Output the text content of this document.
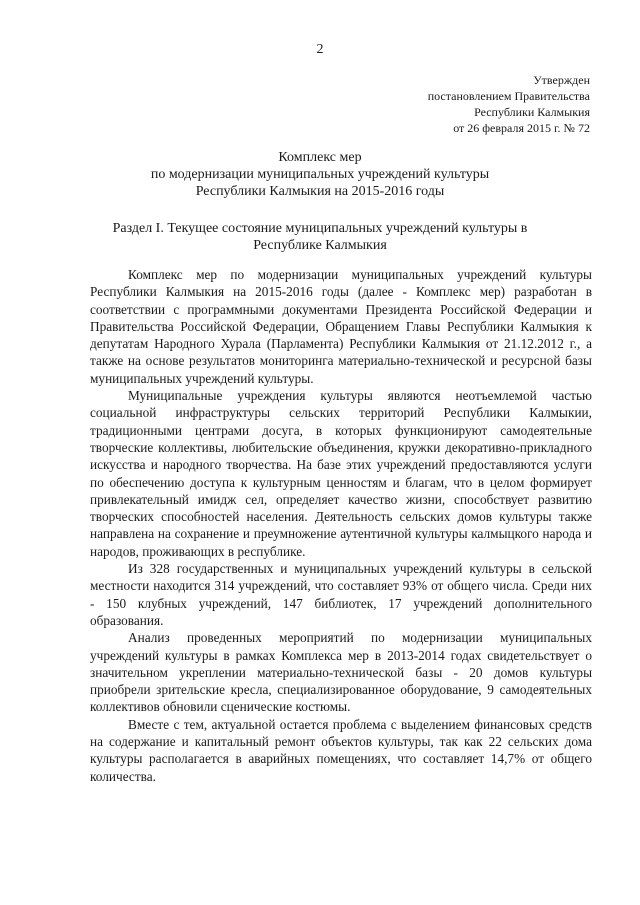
2
Утвержден
постановлением Правительства
Республики Калмыкия
от 26 февраля 2015 г. № 72
Комплекс мер
по модернизации муниципальных учреждений культуры
Республики Калмыкия на 2015-2016 годы
Раздел I. Текущее состояние муниципальных учреждений культуры в
Республике Калмыкия

Комплекс мер по модернизации муниципальных учреждений культуры Республики Калмыкия на 2015-2016 годы (далее - Комплекс мер) разработан в соответствии с программными документами Президента Российской Федерации и Правительства Российской Федерации, Обращением Главы Республики Калмыкия к депутатам Народного Хурала (Парламента) Республики Калмыкия от 21.12.2012 г., а также на основе результатов мониторинга материально-технической и ресурсной базы муниципальных учреждений культуры.

Муниципальные учреждения культуры являются неотъемлемой частью социальной инфраструктуры сельских территорий Республики Калмыкии, традиционными центрами досуга, в которых функционируют самодеятельные творческие коллективы, любительские объединения, кружки декоративно-прикладного искусства и народного творчества. На базе этих учреждений предоставляются услуги по обеспечению доступа к культурным ценностям и благам, что в целом формирует привлекательный имидж сел, определяет качество жизни, способствует развитию творческих способностей населения. Деятельность сельских домов культуры также направлена на сохранение и преумножение аутентичной культуры калмыцкого народа и народов, проживающих в республике.

Из 328 государственных и муниципальных учреждений культуры в сельской местности находится 314 учреждений, что составляет 93% от общего числа. Среди них - 150 клубных учреждений, 147 библиотек, 17 учреждений дополнительного образования.

Анализ проведенных мероприятий по модернизации муниципальных учреждений культуры в рамках Комплекса мер в 2013-2014 годах свидетельствует о значительном укреплении материально-технической базы - 20 домов культуры приобрели зрительские кресла, специализированное оборудование, 9 самодеятельных коллективов обновили сценические костюмы.

Вместе с тем, актуальной остается проблема с выделением финансовых средств на содержание и капитальный ремонт объектов культуры, так как 22 сельских дома культуры располагается в аварийных помещениях, что составляет 14,7% от общего количества.
